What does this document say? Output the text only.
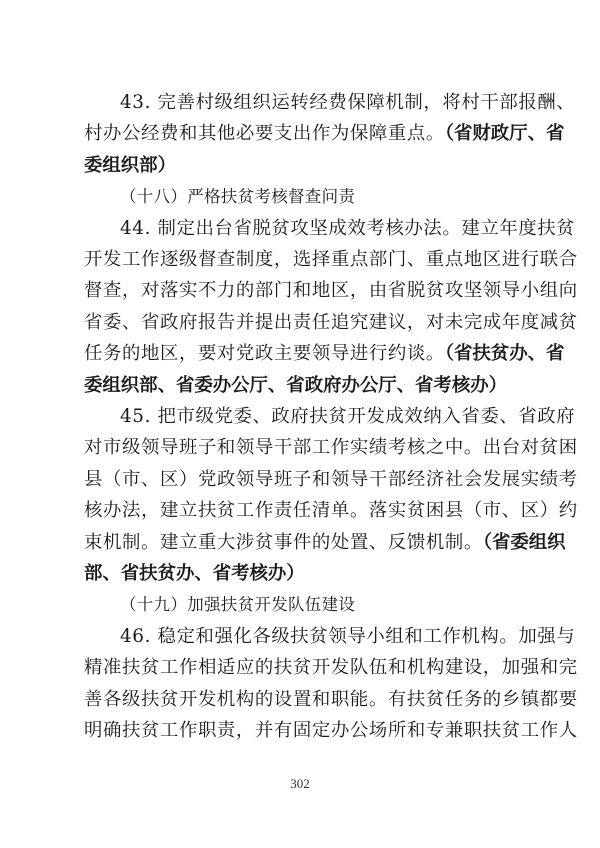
43. 完善村级组织运转经费保障机制，将村干部报酬、
村办公经费和其他必要支出作为保障重点。（省财政厅、省
委组织部）
（十八）严格扶贫考核督查问责
44. 制定出台省脱贫攻坚成效考核办法。建立年度扶贫
开发工作逐级督查制度，选择重点部门、重点地区进行联合
督查，对落实不力的部门和地区，由省脱贫攻坚领导小组向
省委、省政府报告并提出责任追究建议，对未完成年度减贫
任务的地区，要对党政主要领导进行约谈。（省扶贫办、省
委组织部、省委办公厅、省政府办公厅、省考核办）
45. 把市级党委、政府扶贫开发成效纳入省委、省政府
对市级领导班子和领导干部工作实绩考核之中。出台对贫困
县（市、区）党政领导班子和领导干部经济社会发展实绩考
核办法，建立扶贫工作责任清单。落实贫困县（市、区）约
束机制。建立重大涉贫事件的处置、反馈机制。（省委组织
部、省扶贫办、省考核办）
302
（十九）加强扶贫开发队伍建设
46. 稳定和强化各级扶贫领导小组和工作机构。加强与
精准扶贫工作相适应的扶贫开发队伍和机构建设，加强和完
善各级扶贫开发机构的设置和职能。有扶贫任务的乡镇都要
明确扶贫工作职责，并有固定办公场所和专兼职扶贫工作人
